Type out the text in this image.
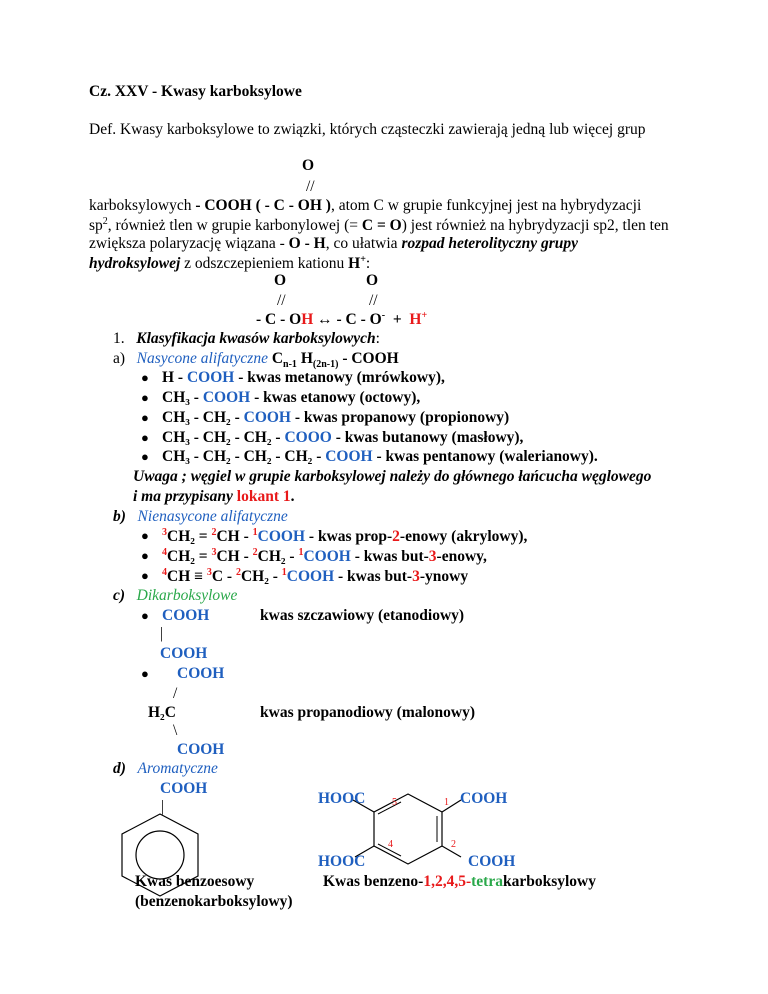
Cz. XXV - Kwasy karboksylowe
Def. Kwasy karboksylowe to związki, których cząsteczki zawierają jedną lub więcej grup
O
//
karboksylowych - COOH ( - C - OH ), atom C w grupie funkcyjnej jest na hybrydyzacji
$sp^2$, również tlen w grupie karbonylowej (= C = O) jest również na hybrydyzacji sp2, tlen ten
zwiększa polaryzację wiązana - O - H, co ułatwia rozpad heterolityczny grupy
hydroksylowej z odszczepieniem kationu H+:
O	O
//	//
- C - OH ↔ - C - O- + H+
1. Klasyfikacja kwasów karboksylowych:
a) Nasycone alifatyczne $C_{n-1}$ $H_{(2n-1)}$ - COOH
● H - COOH - kwas metanowy (mrówkowy),
● CH₃ - COOH - kwas etanowy (octowy),
● CH₃ - CH₂ - COOH - kwas propanowy (propionowy)
● CH₃ - CH₂ - CH₂ - COOO - kwas butanowy (masłowy),
● CH₃ - CH₂ - CH₂ - CH₂ - COOH - kwas pentanowy (walerianowy).
Uwaga ; węgiel w grupie karboksylowej należy do głównego łańcucha węglowego
i ma przypisany lokant 1.
b) Nienasycone alifatyczne
● $^3$CH₂ = $^2$CH - $^1$COOH - kwas prop-2-enowy (akrylowy),
● $^4$CH₂ = $^3$CH - $^2$CH₂ - $^1$COOH - kwas but-3-enowy,
● $^4$CH ≡ $^3$C - $^2$CH₂ - $^1$COOH - kwas but-3-ynowy
c) Dikarboksylowe
● COOH	kwas szczawiowy (etanodiowy)
|
COOH
● COOH
/
H₂C	kwas propanodiowy (malonowy)
\
COOH
d) Aromatyczne
COOH
|
Kwas benzoesowy
(benzenokarboksylowy)
HOOC	COOH
HOOC	COOH
5	1
4	2
Kwas benzeno-1,2,4,5-tetrakarboksylowy
